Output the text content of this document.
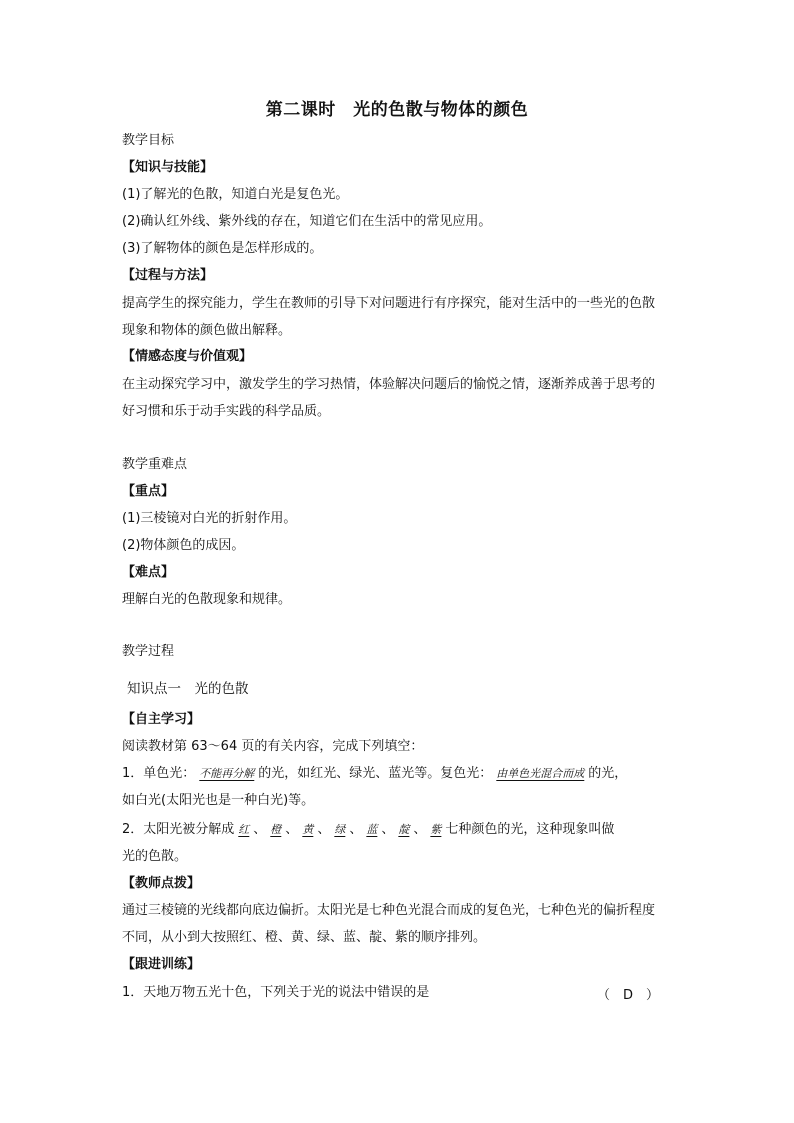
第二课时　光的色散与物体的颜色
教学目标
【知识与技能】
(1)了解光的色散，知道白光是复色光。
(2)确认红外线、紫外线的存在，知道它们在生活中的常见应用。
(3)了解物体的颜色是怎样形成的。
【过程与方法】
提高学生的探究能力，学生在教师的引导下对问题进行有序探究，能对生活中的一些光的色散
现象和物体的颜色做出解释。
【情感态度与价值观】
在主动探究学习中，激发学生的学习热情，体验解决问题后的愉悦之情，逐渐养成善于思考的
好习惯和乐于动手实践的科学品质。
教学重难点
【重点】
(1)三棱镜对白光的折射作用。
(2)物体颜色的成因。
【难点】
理解白光的色散现象和规律。
教学过程
知识点一　光的色散
【自主学习】
阅读教材第 63～64 页的有关内容，完成下列填空：
1．单色光： 不能再分解 的光，如红光、绿光、蓝光等。复色光： 由单色光混合而成 的光，
如白光(太阳光也是一种白光)等。
2．太阳光被分解成 红 、 橙 、 黄 、 绿 、 蓝 、 靛 、 紫 七种颜色的光，这种现象叫做
光的色散。
【教师点拨】
通过三棱镜的光线都向底边偏折。太阳光是七种色光混合而成的复色光，七种色光的偏折程度
不同，从小到大按照红、橙、黄、绿、蓝、靛、紫的顺序排列。
【跟进训练】
1．天地万物五光十色，下列关于光的说法中错误的是	（　D　）
